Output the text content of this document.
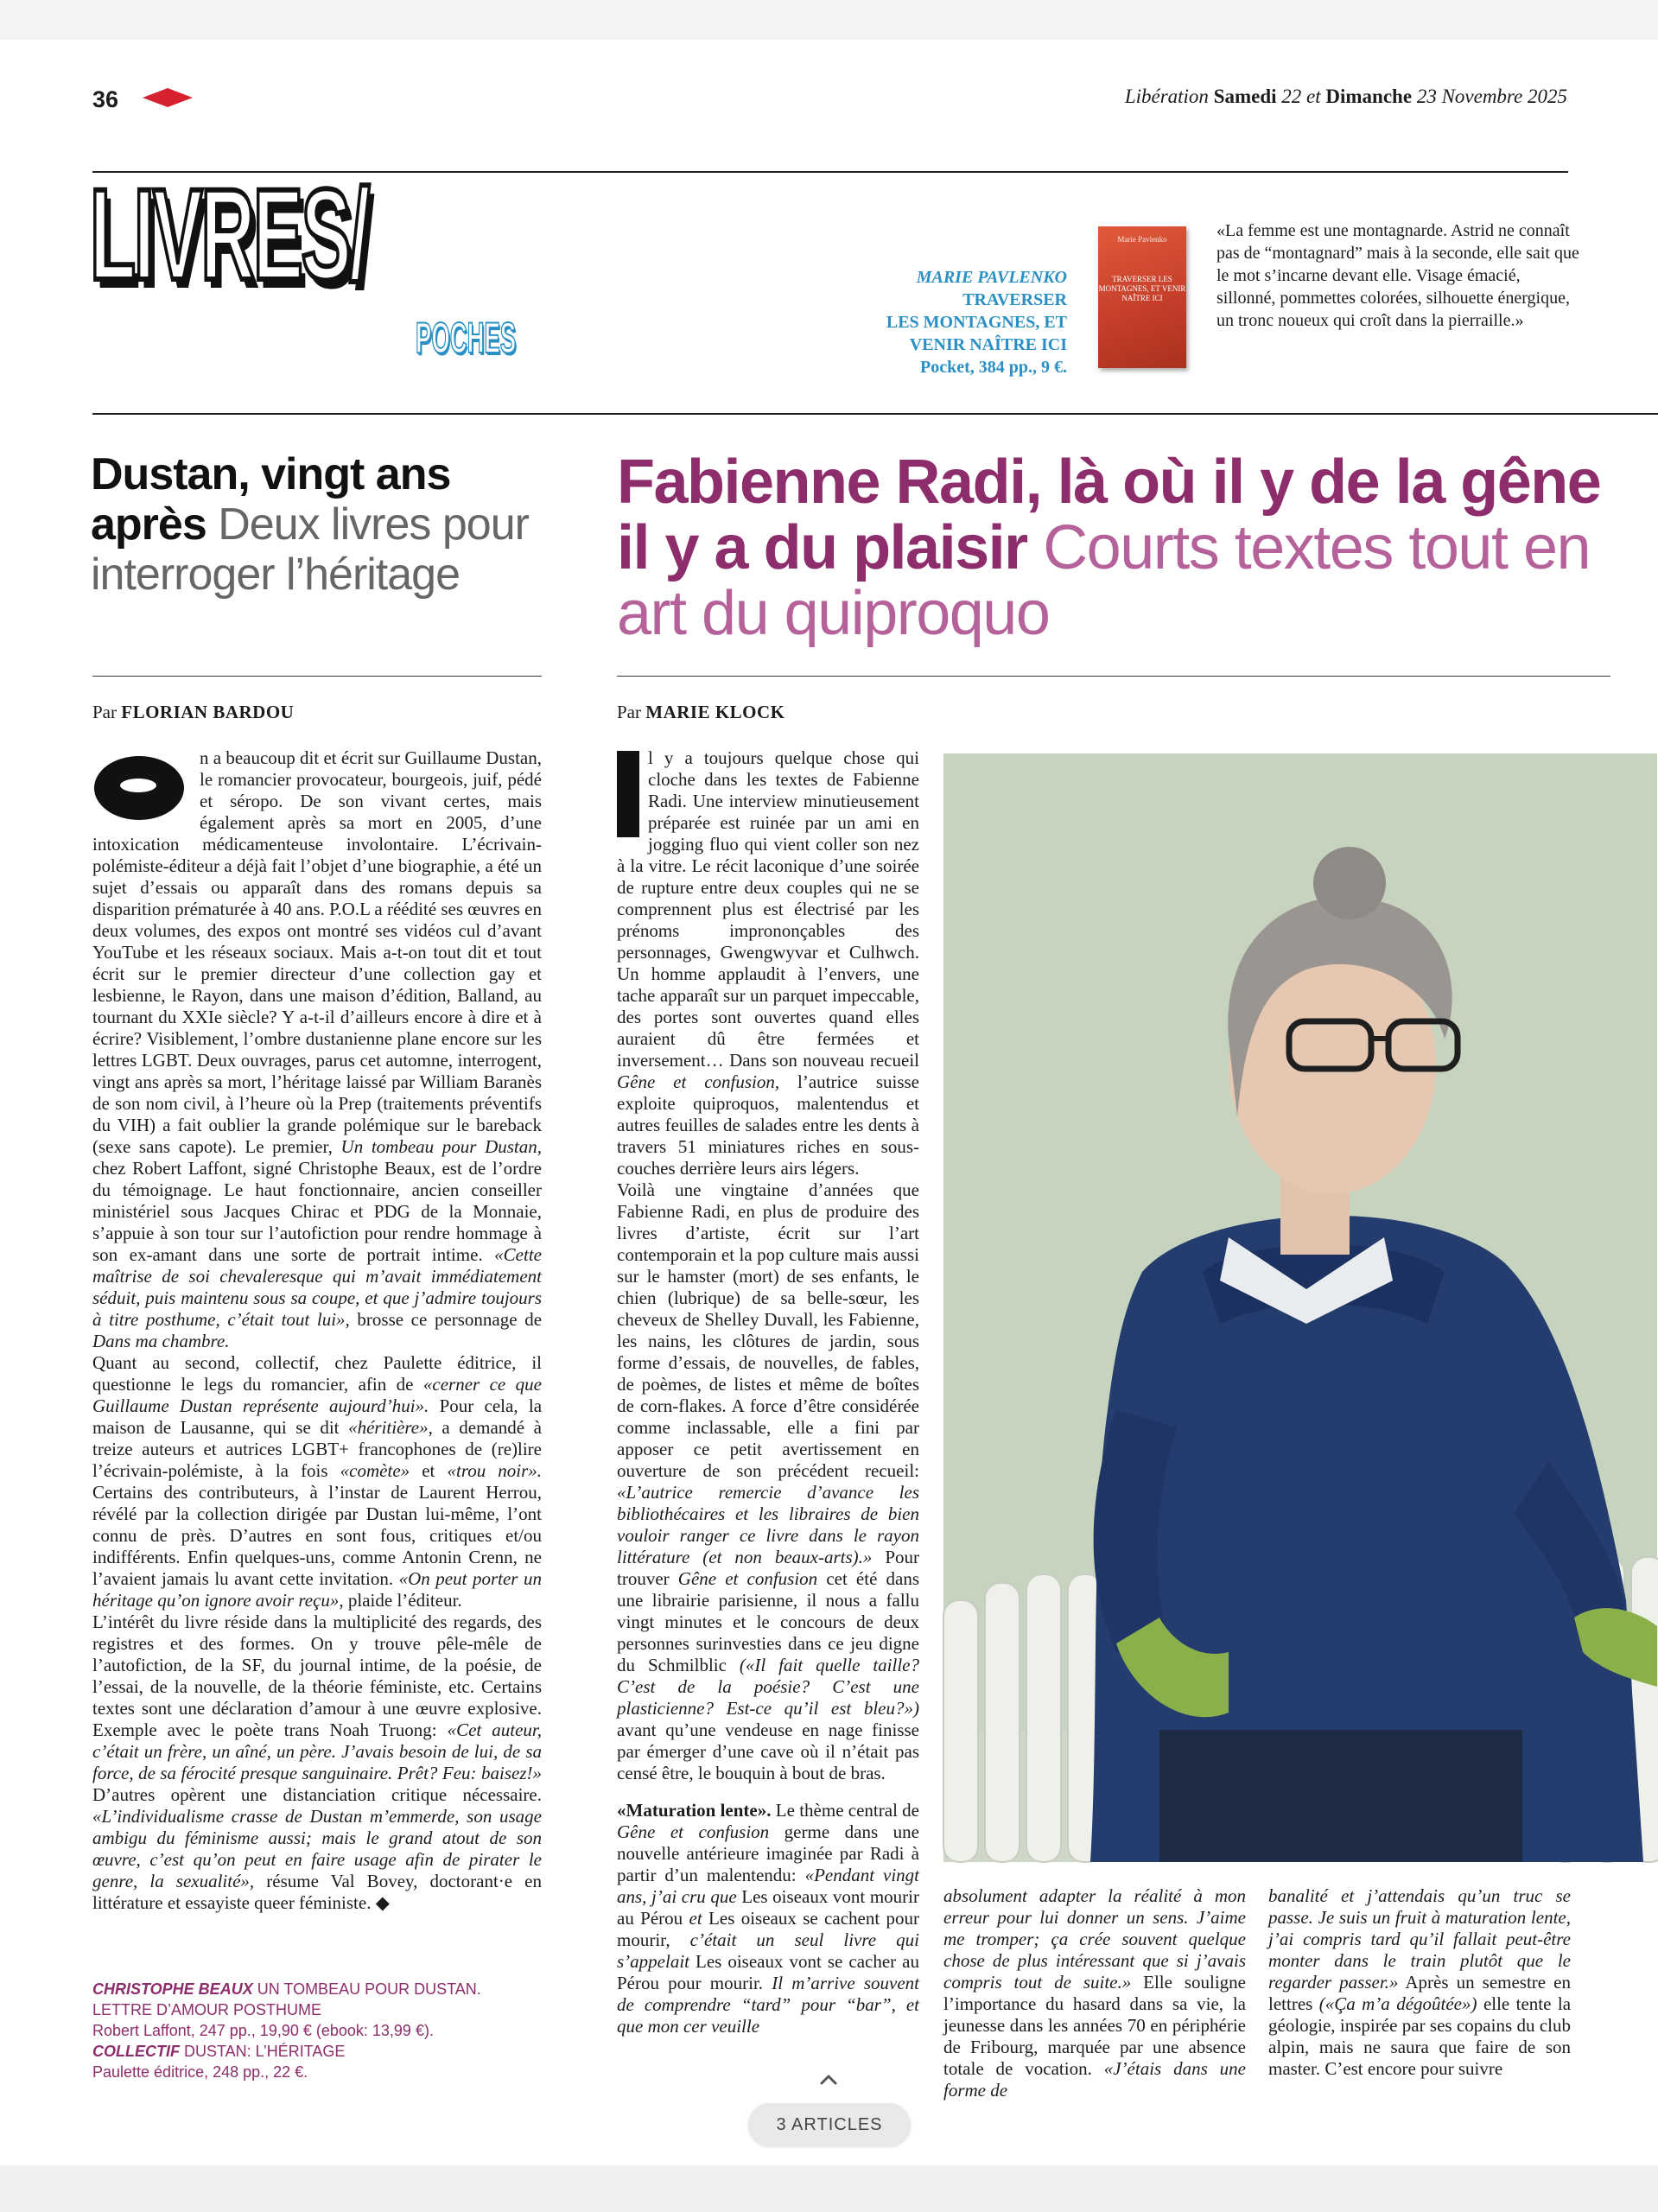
36	Libération Samedi 22 et Dimanche 23 Novembre 2025
LIVRES/
POCHES
MARIE PAVLENKO
TRAVERSER
LES MONTAGNES, ET
VENIR NAÎTRE ICI
Pocket, 384 pp., 9 €.
Marie Pavlenko
TRAVERSER LES MONTAGNES, ET VENIR NAÎTRE ICI
«La femme est une montagnarde. Astrid ne connaît pas de “montagnard” mais à la seconde, elle sait que le mot s’incarne devant elle. Visage émacié, sillonné, pommettes colorées, silhouette énergique, un tronc noueux qui croît dans la pierraille.»
Dustan, vingt ans après Deux livres pour interroger l’héritage
Fabienne Radi, là où il y de la gêne il y a du plaisir Courts textes tout en art du quiproquo
Par FLORIAN BARDOU	Par MARIE KLOCK

n a beaucoup dit et écrit sur Guillaume Dustan, le romancier provocateur, bourgeois, juif, pédé et séropo. De son vivant certes, mais également après sa mort en 2005, d’une intoxication médicamenteuse involontaire. L’écrivain-polémiste-éditeur a déjà fait l’objet d’une biographie, a été un sujet d’essais ou apparaît dans des romans depuis sa disparition prématurée à 40 ans. P.O.L a réédité ses œuvres en deux volumes, des expos ont montré ses vidéos cul d’avant YouTube et les réseaux sociaux. Mais a-t-on tout dit et tout écrit sur le premier directeur d’une collection gay et lesbienne, le Rayon, dans une maison d’édition, Balland, au tournant du XXIe siècle? Y a-t-il d’ailleurs encore à dire et à écrire? Visiblement, l’ombre dustanienne plane encore sur les lettres LGBT. Deux ouvrages, parus cet automne, interrogent, vingt ans après sa mort, l’héritage laissé par William Baranès de son nom civil, à l’heure où la Prep (traitements préventifs du VIH) a fait oublier la grande polémique sur le bareback (sexe sans capote). Le premier, Un tombeau pour Dustan, chez Robert Laffont, signé Christophe Beaux, est de l’ordre du témoignage. Le haut fonctionnaire, ancien conseiller ministériel sous Jacques Chirac et PDG de la Monnaie, s’appuie à son tour sur l’autofiction pour rendre hommage à son ex-amant dans une sorte de portrait intime. «Cette maîtrise de soi chevaleresque qui m’avait immédiatement séduit, puis maintenu sous sa coupe, et que j’admire toujours à titre posthume, c’était tout lui», brosse ce personnage de Dans ma chambre.

Quant au second, collectif, chez Paulette éditrice, il questionne le legs du romancier, afin de «cerner ce que Guillaume Dustan représente aujourd’hui». Pour cela, la maison de Lausanne, qui se dit «héritière», a demandé à treize auteurs et autrices LGBT+ francophones de (re)lire l’écrivain-polémiste, à la fois «comète» et «trou noir». Certains des contributeurs, à l’instar de Laurent Herrou, révélé par la collection dirigée par Dustan lui-même, l’ont connu de près. D’autres en sont fous, critiques et/ou indifférents. Enfin quelques-uns, comme Antonin Crenn, ne l’avaient jamais lu avant cette invitation. «On peut porter un héritage qu’on ignore avoir reçu», plaide l’éditeur.

L’intérêt du livre réside dans la multiplicité des regards, des registres et des formes. On y trouve pêle-mêle de l’autofiction, de la SF, du journal intime, de la poésie, de l’essai, de la nouvelle, de la théorie féministe, etc. Certains textes sont une déclaration d’amour à une œuvre explosive. Exemple avec le poète trans Noah Truong: «Cet auteur, c’était un frère, un aîné, un père. J’avais besoin de lui, de sa force, de sa férocité presque sanguinaire. Prêt? Feu: baisez!» D’autres opèrent une distanciation critique nécessaire. «L’individualisme crasse de Dustan m’emmerde, son usage ambigu du féminisme aussi; mais le grand atout de son œuvre, c’est qu’on peut en faire usage afin de pirater le genre, la sexualité», résume Val Bovey, doctorant·e en littérature et essayiste queer féministe. ◆

CHRISTOPHE BEAUX UN TOMBEAU POUR DUSTAN. LETTRE D’AMOUR POSTHUME
Robert Laffont, 247 pp., 19,90 € (ebook: 13,99 €).
COLLECTIF DUSTAN: L’HÉRITAGE
Paulette éditrice, 248 pp., 22 €.

l y a toujours quelque chose qui cloche dans les textes de Fabienne Radi. Une interview minutieusement préparée est ruinée par un ami en jogging fluo qui vient coller son nez à la vitre. Le récit laconique d’une soirée de rupture entre deux couples qui ne se comprennent plus est électrisé par les prénoms imprononçables des personnages, Gwengwyvar et Culhwch. Un homme applaudit à l’envers, une tache apparaît sur un parquet impeccable, des portes sont ouvertes quand elles auraient dû être fermées et inversement… Dans son nouveau recueil Gêne et confusion, l’autrice suisse exploite quiproquos, malentendus et autres feuilles de salades entre les dents à travers 51 miniatures riches en sous-couches derrière leurs airs légers.

Voilà une vingtaine d’années que Fabienne Radi, en plus de produire des livres d’artiste, écrit sur l’art contemporain et la pop culture mais aussi sur le hamster (mort) de ses enfants, le chien (lubrique) de sa belle-sœur, les cheveux de Shelley Duvall, les Fabienne, les nains, les clôtures de jardin, sous forme d’essais, de nouvelles, de fables, de poèmes, de listes et même de boîtes de corn-flakes. A force d’être considérée comme inclassable, elle a fini par apposer ce petit avertissement en ouverture de son précédent recueil: «L’autrice remercie d’avance les bibliothécaires et les libraires de bien vouloir ranger ce livre dans le rayon littérature (et non beaux-arts).» Pour trouver Gêne et confusion cet été dans une librairie parisienne, il nous a fallu vingt minutes et le concours de deux personnes surinvesties dans ce jeu digne du Schmilblic («Il fait quelle taille? C’est de la poésie? C’est une plasticienne? Est-ce qu’il est bleu?») avant qu’une vendeuse en nage finisse par émerger d’une cave où il n’était pas censé être, le bouquin à bout de bras.

«Maturation lente». Le thème central de Gêne et confusion germe dans une nouvelle antérieure imaginée par Radi à partir d’un malentendu: «Pendant vingt ans, j’ai cru que Les oiseaux vont mourir au Pérou et Les oiseaux se cachent pour mourir, c’était un seul livre qui s’appelait Les oiseaux vont se cacher au Pérou pour mourir. Il m’arrive souvent de comprendre “tard” pour “bar”, et que mon cer veuille

absolument adapter la réalité à mon erreur pour lui donner un sens. J’aime me tromper; ça crée souvent quelque chose de plus intéressant que si j’avais compris tout de suite.» Elle souligne l’importance du hasard dans sa vie, la jeunesse dans les années 70 en périphérie de Fribourg, marquée par une absence totale de vocation. «J’étais dans une forme de

banalité et j’attendais qu’un truc se passe. Je suis un fruit à maturation lente, j’ai compris tard qu’il fallait peut-être monter dans le train plutôt que le regarder passer.» Après un semestre en lettres («Ça m’a dégoûtée») elle tente la géologie, inspirée par ses copains du club alpin, mais ne saura que faire de son master. C’est encore pour suivre

3 ARTICLES
